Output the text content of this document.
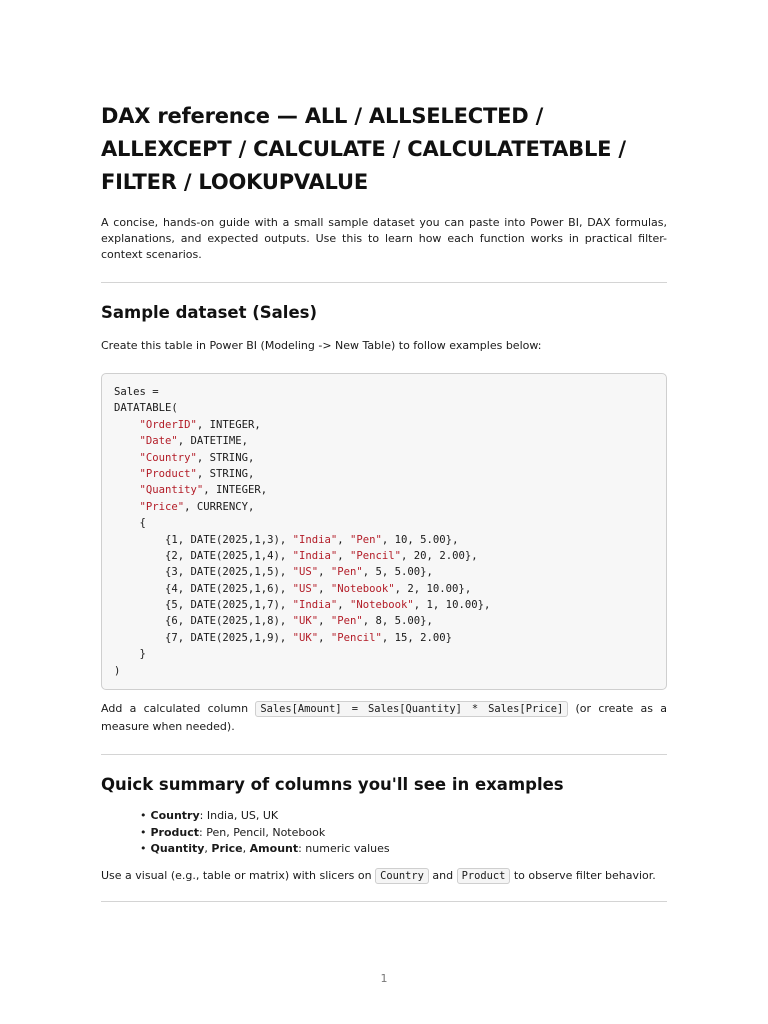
DAX reference — ALL / ALLSELECTED / ALLEXCEPT / CALCULATE / CALCULATETABLE / FILTER / LOOKUPVALUE

A concise, hands-on guide with a small sample dataset you can paste into Power BI, DAX formulas, explanations, and expected outputs. Use this to learn how each function works in practical filter-context scenarios.

Sample dataset (Sales)

Create this table in Power BI (Modeling -> New Table) to follow examples below:

Sales =
DATATABLE(
"OrderID", INTEGER,
"Date", DATETIME,
"Country", STRING,
"Product", STRING,
"Quantity", INTEGER,
"Price", CURRENCY,
{
{1, DATE(2025,1,3), "India", "Pen", 10, 5.00},
{2, DATE(2025,1,4), "India", "Pencil", 20, 2.00},
{3, DATE(2025,1,5), "US", "Pen", 5, 5.00},
{4, DATE(2025,1,6), "US", "Notebook", 2, 10.00},
{5, DATE(2025,1,7), "India", "Notebook", 1, 10.00},
{6, DATE(2025,1,8), "UK", "Pen", 8, 5.00},
{7, DATE(2025,1,9), "UK", "Pencil", 15, 2.00}
}
)

Add a calculated column Sales[Amount] = Sales[Quantity] * Sales[Price] (or create as a measure when needed).

Quick summary of columns you'll see in examples
• Country: India, US, UK
• Product: Pen, Pencil, Notebook
• Quantity, Price, Amount: numeric values

Use a visual (e.g., table or matrix) with slicers on Country and Product to observe filter behavior.

1
